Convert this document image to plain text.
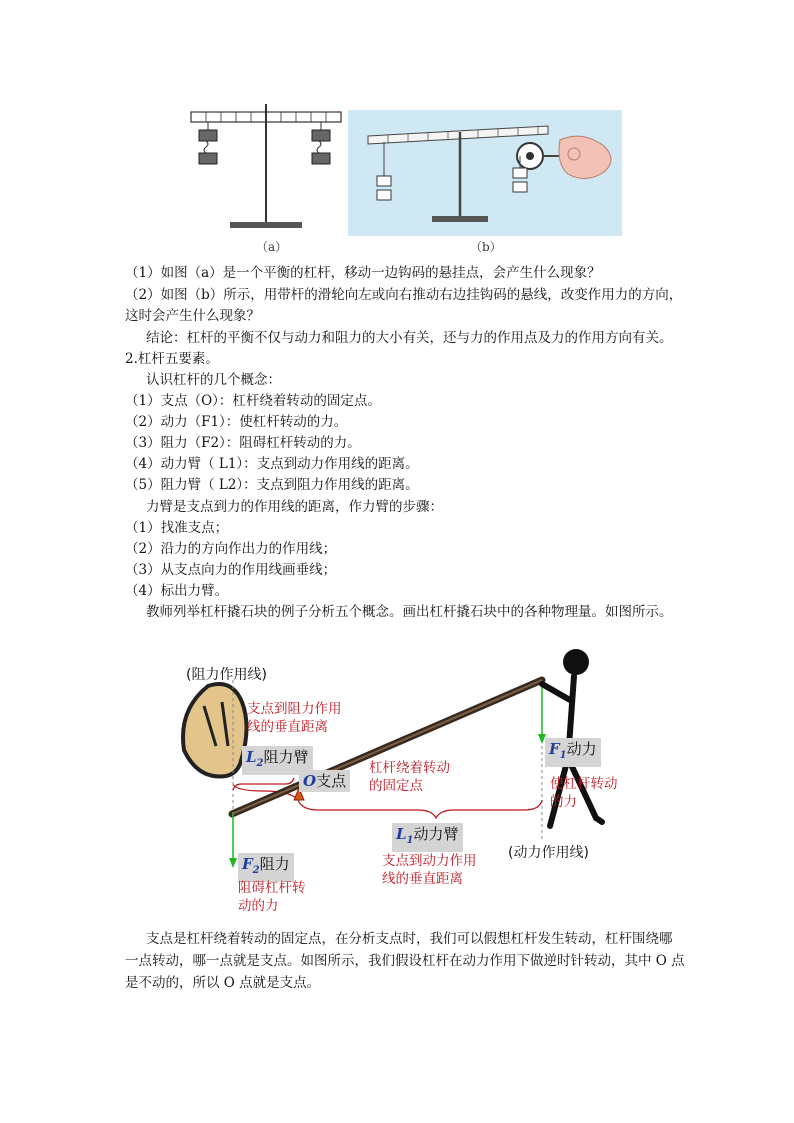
（a）	（b）
（1）如图（a）是一个平衡的杠杆，移动一边钩码的悬挂点，会产生什么现象？
（2）如图（b）所示，用带杆的滑轮向左或向右推动右边挂钩码的悬线，改变作用力的方向，
这时会产生什么现象？
结论：杠杆的平衡不仅与动力和阻力的大小有关，还与力的作用点及力的作用方向有关。
2.杠杆五要素。
认识杠杆的几个概念：
（1）支点（O）：杠杆绕着转动的固定点。
（2）动力（F1）：使杠杆转动的力。
（3）阻力（F2）：阻碍杠杆转动的力。
（4）动力臂（ L1）：支点到动力作用线的距离。
（5）阻力臂（ L2）：支点到阻力作用线的距离。
力臂是支点到力的作用线的距离，作力臂的步骤：
（1）找准支点；
（2）沿力的方向作出力的作用线；
（3）从支点向力的作用线画垂线；
（4）标出力臂。
教师列举杠杆撬石块的例子分析五个概念。画出杠杆撬石块中的各种物理量。如图所示。
(阻力作用线)
支点到阻力作用
线的垂直距离
$L_2$阻力臂
O支点
杠杆绕着转动
的固定点
$F_1$动力
使杠杆转动
的力
$L_1$动力臂
支点到动力作用
线的垂直距离
(动力作用线)
$F_2$阻力
阻碍杠杆转
动的力
支点是杠杆绕着转动的固定点，在分析支点时，我们可以假想杠杆发生转动，杠杆围绕哪一点转动，哪一点就是支点。如图所示，我们假设杠杆在动力作用下做逆时针转动，其中 O 点是不动的，所以 O 点就是支点。
